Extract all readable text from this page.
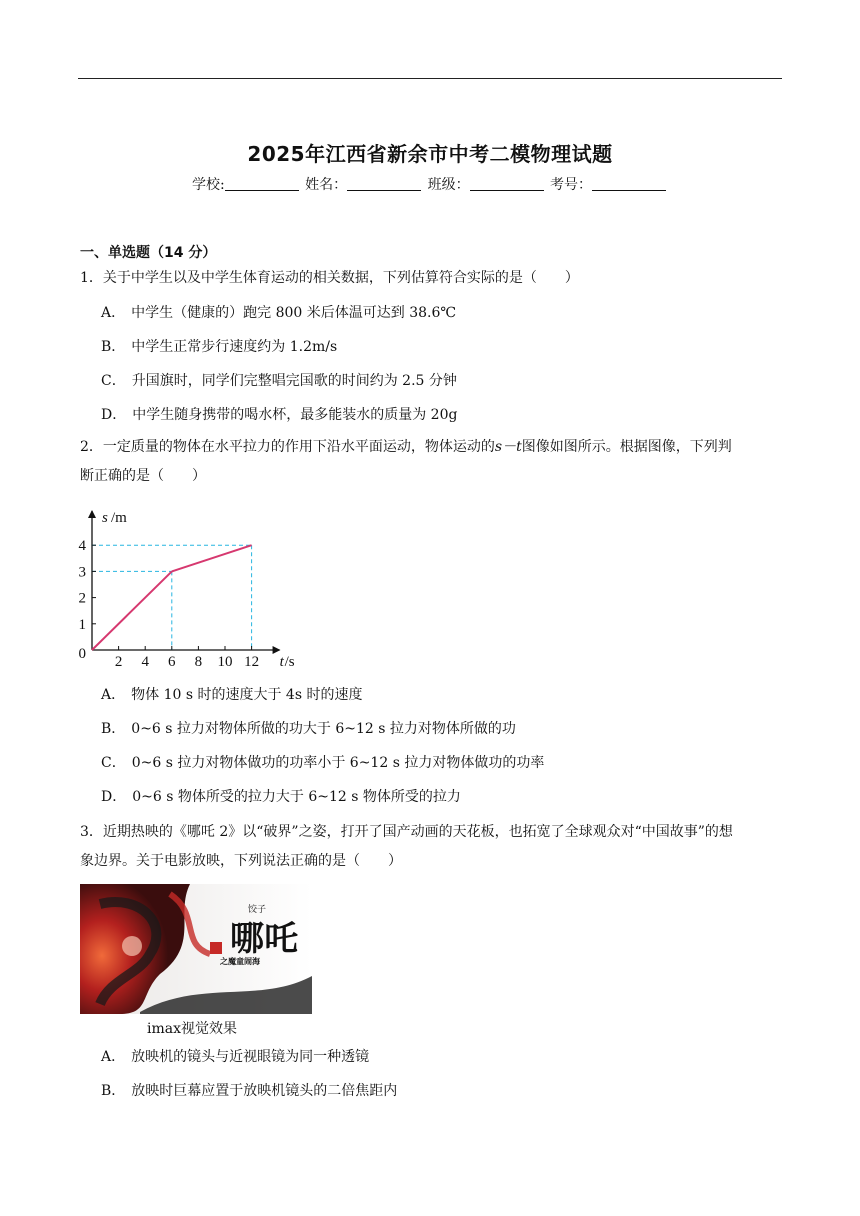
2025年江西省新余市中考二模物理试题
学校:	姓名：	班级：	考号：
一、单选题（14 分）
1．关于中学生以及中学生体育运动的相关数据，下列估算符合实际的是（　　）
A． 中学生（健康的）跑完 800 米后体温可达到 38.6℃
B． 中学生正常步行速度约为 1.2m/s
C． 升国旗时，同学们完整唱完国歌的时间约为 2.5 分钟
D． 中学生随身携带的喝水杯，最多能装水的质量为 20g
2．一定质量的物体在水平拉力的作用下沿水平面运动，物体运动的s－t图像如图所示。根据图像，下列判
断正确的是（　　）
2 4 6 8 10 12
1
2
3
4
0
s /m
t /s
A． 物体 10 s 时的速度大于 4s 时的速度
B． 0~6 s 拉力对物体所做的功大于 6~12 s 拉力对物体所做的功
C． 0~6 s 拉力对物体做功的功率小于 6~12 s 拉力对物体做功的功率
D． 0~6 s 物体所受的拉力大于 6~12 s 物体所受的拉力
3．近期热映的《哪吒 2》以“破界”之姿，打开了国产动画的天花板，也拓宽了全球观众对“中国故事”的想
象边界。关于电影放映，下列说法正确的是（　　）
哪吒
饺子
之魔童闹海
imax视觉效果
A． 放映机的镜头与近视眼镜为同一种透镜
B． 放映时巨幕应置于放映机镜头的二倍焦距内
